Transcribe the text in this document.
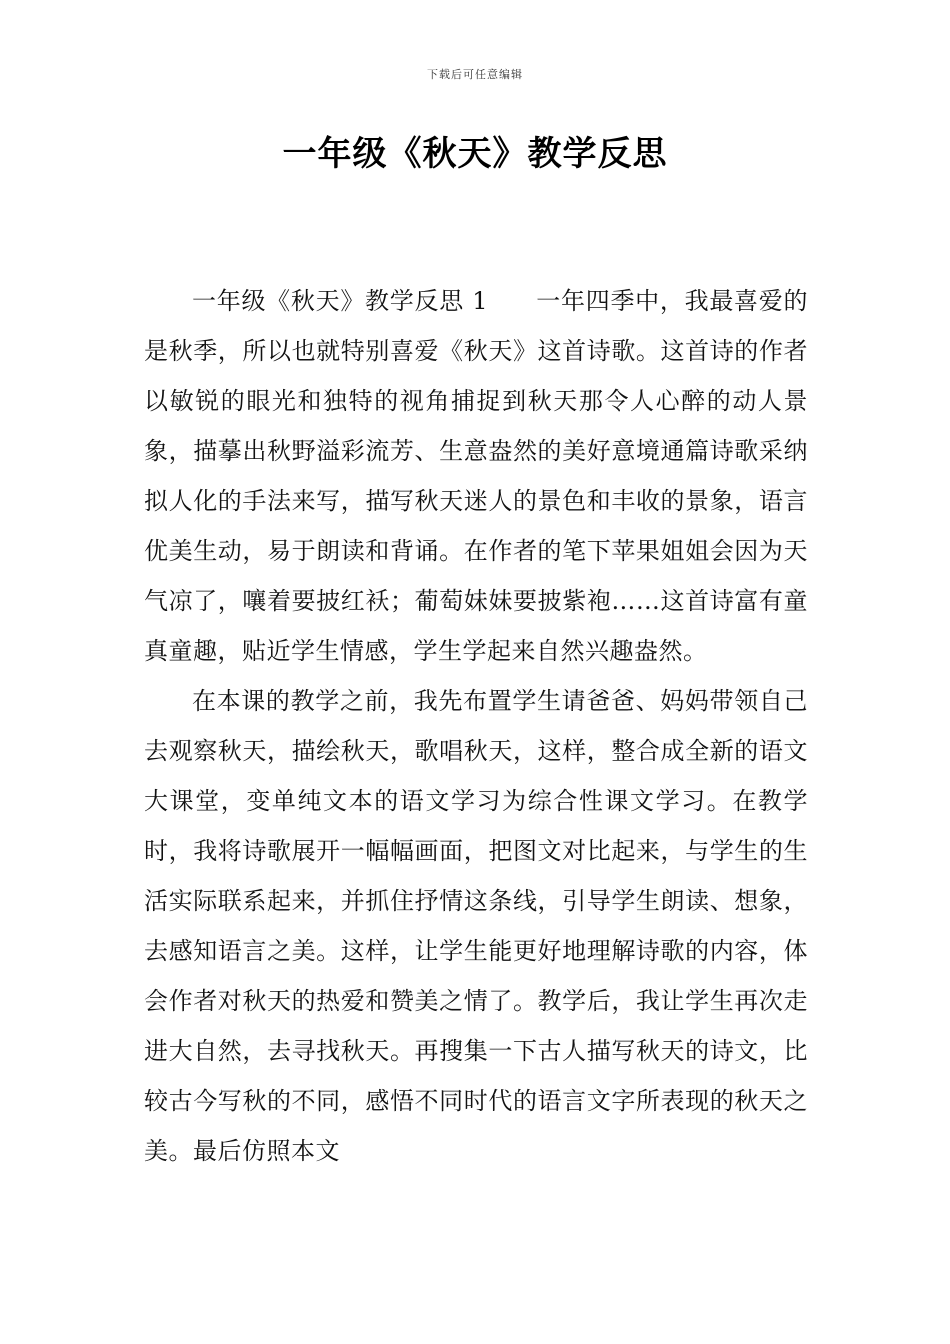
下载后可任意编辑
一年级《秋天》教学反思

一年级《秋天》教学反思 1 一年四季中，我最喜爱的是秋季，所以也就特别喜爱《秋天》这首诗歌。这首诗的作者以敏锐的眼光和独特的视角捕捉到秋天那令人心醉的动人景象，描摹出秋野溢彩流芳、生意盎然的美好意境通篇诗歌采纳拟人化的手法来写，描写秋天迷人的景色和丰收的景象，语言优美生动，易于朗读和背诵。在作者的笔下苹果姐姐会因为天气凉了，嚷着要披红袄；葡萄妹妹要披紫袍……这首诗富有童真童趣，贴近学生情感，学生学起来自然兴趣盎然。

在本课的教学之前，我先布置学生请爸爸、妈妈带领自己去观察秋天，描绘秋天，歌唱秋天，这样，整合成全新的语文大课堂，变单纯文本的语文学习为综合性课文学习。在教学时，我将诗歌展开一幅幅画面，把图文对比起来，与学生的生活实际联系起来，并抓住抒情这条线，引导学生朗读、想象，去感知语言之美。这样，让学生能更好地理解诗歌的内容，体会作者对秋天的热爱和赞美之情了。教学后，我让学生再次走进大自然，去寻找秋天。再搜集一下古人描写秋天的诗文，比较古今写秋的不同，感悟不同时代的语言文字所表现的秋天之美。最后仿照本文
